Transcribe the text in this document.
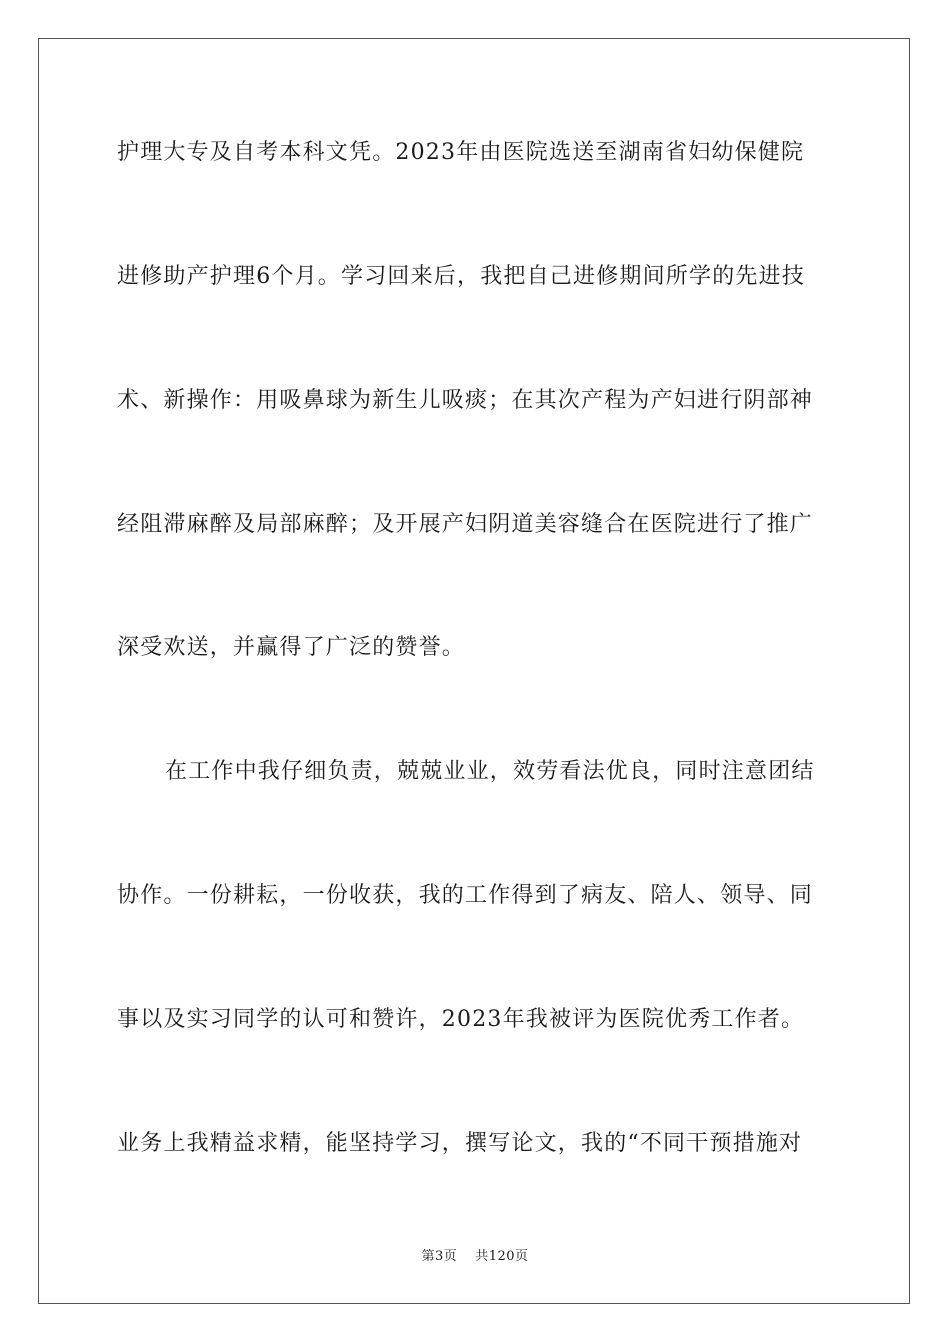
护理大专及自考本科文凭。2023年由医院选送至湖南省妇幼保健院
进修助产护理6个月。学习回来后，我把自己进修期间所学的先进技
术、新操作：用吸鼻球为新生儿吸痰；在其次产程为产妇进行阴部神
经阻滞麻醉及局部麻醉；及开展产妇阴道美容缝合在医院进行了推广
深受欢送，并赢得了广泛的赞誉。
在工作中我仔细负责，兢兢业业，效劳看法优良，同时注意团结
协作。一份耕耘，一份收获，我的工作得到了病友、陪人、领导、同
事以及实习同学的认可和赞许，2023年我被评为医院优秀工作者。
业务上我精益求精，能坚持学习，撰写论文，我的“不同干预措施对
第3页 共120页
